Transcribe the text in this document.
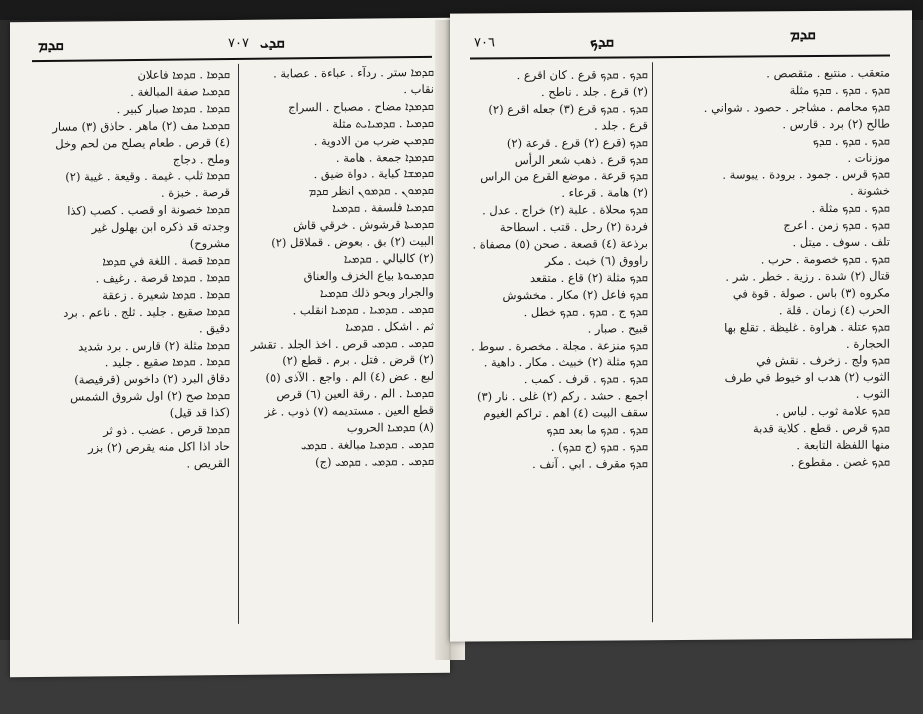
ܩܕܡ	٧٠٧ ܩܕܝ
ܩܕܡܐ ستر . ردآء . عباءة . عصابة .
نقاب .
ܩܕܡܕܐ مضاح . مصباح . السراج
ܩܕܡܝܐ . ܩܕܡܝܐܝܬ مثلة
ܩܕܡܝܢ ضرب من الادوية .
ܩܕܡܕܐ جمعة . هامة .
ܩܕܡܫܐ كباية . دواة ضيق .
ܩܕܡܘܢ . ܩܕܡܘܢ انظر ܩܕܡ
ܩܕܡܝܐ فلسفة . ܩܕܡܝܐ
ܩܕܡܝܬܐ قرشوش . خرقي قاش
البيت (٢) بق . بعوض . قملاقل (٢)
(٢) كالبالي . ܩܕܡܝܐ
ܩܕܡܝܘܬܐ بياع الخزف والعناق
والجرار وبحو ذلك ܩܕܡܝܐ
ܩܕܡܝ . ܩܕܡܝܐ . ܩܕܡܝܐ انقلب .
ثم . اشكل . ܩܕܡܝܐ
ܩܕܡܝ . ܩܕܡܝ قرص . اخذ الجلد . تقشر
(٢) قرض . فتل . برم . قطع (٢)
لبع . عض (٤) الم . واجع . الآذى (٥)
ܩܕܡܝܐ . الم . رقة العين (٦) قرص
قطع العين . مستديمه (٧) ذوب . غز
(٨) ܩܕܡܝܐ الحروب
ܩܕܡܝ . ܩܕܡܝܐ مبالغة . ܩܕܡܝ
ܩܕܡܝ . ܩܕܡܝ . ܩܕܡܝ (ج)
ܩܕܡܐ . ܩܕܡܐ فاعلان
ܩܕܡܝܐ صفة المبالغة .
ܩܕܡܐ . ܩܕܡܐ صبار كبير .
ܩܕܡܝܐ مف (٢) ماهر . حاذق (٣) مسار
(٤) قرص . طعام يصلح من لحم وخل
وملح . دجاج
ܩܕܡܐ ثلب . غيمة . وقيعة . غيبة (٢)
قرصة . خبزة .
ܩܕܡܐ خصونة او قصب . كصب (كذا
وجدته قد ذكره ابن بهلول غير
مشروح)
ܩܕܡܐ قصة . اللغة في ܩܕܡܐ
ܩܕܡܐ . ܩܕܡܐ قرصة . رغيف .
ܩܕܡܐ . ܩܕܡܐ شعيرة . زعقة
ܩܕܡܐ صقيع . جليد . ثلج . ناعم . برد
دقيق .
ܩܕܡܐ مثلة (٢) قارس . برد شديد
ܩܕܡܐ . ܩܕܡܐ صقيع . جليد .
دقاق البرد (٢) داخوس (قرفيصة)
ܩܕܡܐ صح (٢) اول شروق الشمس
(كذا قد قيل)
ܩܕܡܐ قرص . عضب . ذو ثر
حاد اذا اكل منه يقرص (٢) بزر
القريص .
٧٠٦	ܩܕܟ	ܩܕܡ
ܩܕܟ . ܩܕܟ قرع . كان اقرع .
(٢) قرع . جلد . ناطح .
ܩܕܟ . ܩܕܟ قرع (٣) جعله اقرع (٢)
قرع . جلد .
ܩܕܟ (قرع (٢) قرع . قرعة (٢)
ܩܕܟ قرع . ذهب شعر الرأس
ܩܕܟ قرعة . موضع القرع من الراس
(٢) هامة . قرعاء .
ܩܕܟ محلاة . علبة (٢) خراج . عدل .
فردة (٢) رحل . قتب . اسطاحة
برذعة (٤) قصعة . صحن (٥) مصفاة .
راووق (٦) خبث . مكر
ܩܕܟ مثلة (٢) قاع . متقعد
ܩܕܟ فاعل (٢) مكار . مخشوش
ܩܕܟ ج . ܩܕܟ . ܩܕܟ خطل .
قبيح . صبار .
ܩܕܟ منزعة . مجلة . مخصرة . سوط .
ܩܕܟ مثلة (٢) خبيث . مكار . داهية .
ܩܕܟ . ܩܕܟ . قرف . كمب .
اجمع . حشد . ركم (٢) غلى . نار (٣)
سقف البيت (٤) اهم . تراكم الغيوم
ܩܕܟ . ܩܕܟ ما بعد ܩܕܟ
ܩܕܟ . ܩܕܟ (ج ܩܕܟ) .
ܩܕܟ مقرف . ابي . آنف .
متعقب . منتبع . متقصص .
ܩܕܟ . ܩܕܟ . ܩܕܟ مثلة
ܩܕܟ محامم . مشاجر . حصود . شواني .
طالح (٢) برد . قارس .
ܩܕܟ . ܩܕܟ . ܩܕܟ
موزنات .
ܩܕܟ قرس . جمود . برودة . يبوسة .
خشونة .
ܩܕܟ . ܩܕܟ مثلة .
ܩܕܟ . ܩܕܟ زمن . اعرج
تلف . سوف . ميتل .
ܩܕܟ . ܩܕܟ خصومة . حرب .
قتال (٢) شدة . رزية . خطر . شر .
مكروه (٣) باس . صولة . قوة في
الحرب (٤) زمان . قلة .
ܩܕܟ عتلة . هراوة . غليظة . تقلع بها
الحجارة .
ܩܕܟ ولج . زخرف . نقش في
الثوب (٢) هدب او خيوط في طرف
الثوب .
ܩܕܟ علامة ثوب . لباس .
ܩܕܟ قرص . قطع . كلاية قدبة
منها اللفظة التابعة .
ܩܕܟ غصن . مقطوع .
